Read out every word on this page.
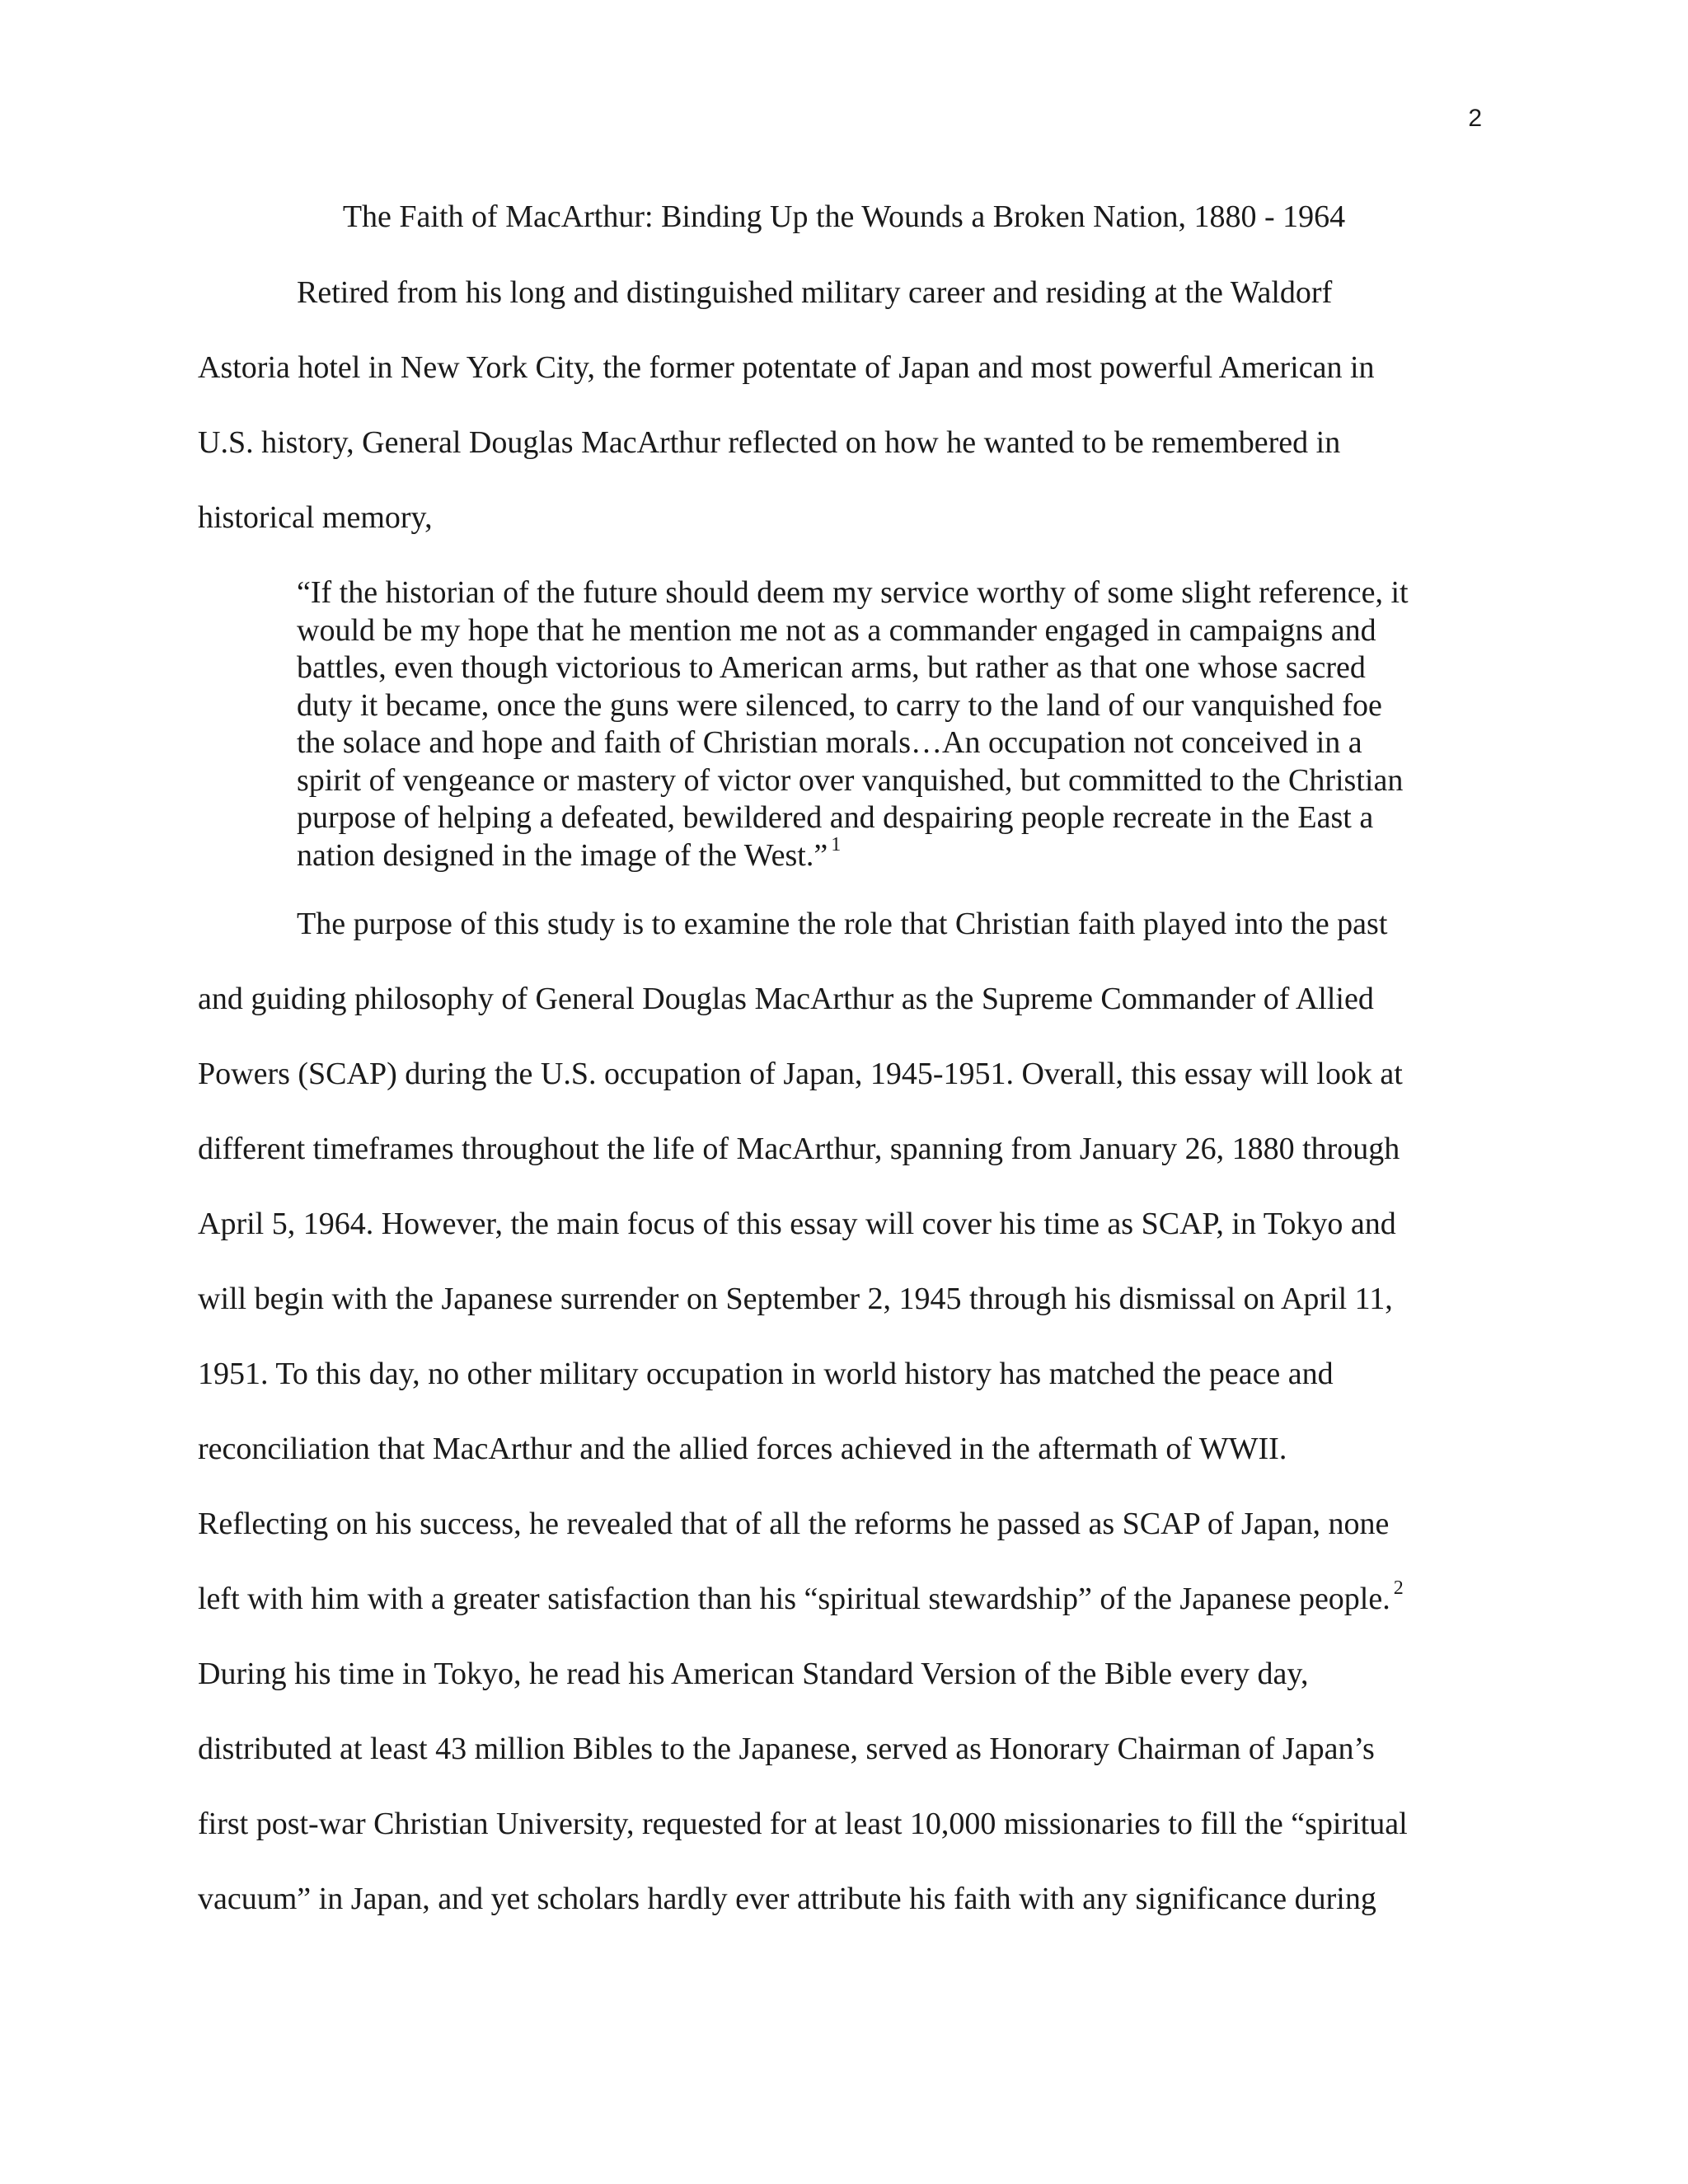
2
The Faith of MacArthur: Binding Up the Wounds a Broken Nation, 1880 - 1964
Retired from his long and distinguished military career and residing at the Waldorf
Astoria hotel in New York City, the former potentate of Japan and most powerful American in
U.S. history, General Douglas MacArthur reflected on how he wanted to be remembered in
historical memory,
“If the historian of the future should deem my service worthy of some slight reference, it
would be my hope that he mention me not as a commander engaged in campaigns and
battles, even though victorious to American arms, but rather as that one whose sacred
duty it became, once the guns were silenced, to carry to the land of our vanquished foe
the solace and hope and faith of Christian morals…An occupation not conceived in a
spirit of vengeance or mastery of victor over vanquished, but committed to the Christian
purpose of helping a defeated, bewildered and despairing people recreate in the East a
nation designed in the image of the West.” $^1$
The purpose of this study is to examine the role that Christian faith played into the past
and guiding philosophy of General Douglas MacArthur as the Supreme Commander of Allied
Powers (SCAP) during the U.S. occupation of Japan, 1945-1951. Overall, this essay will look at
different timeframes throughout the life of MacArthur, spanning from January 26, 1880 through
April 5, 1964. However, the main focus of this essay will cover his time as SCAP, in Tokyo and
will begin with the Japanese surrender on September 2, 1945 through his dismissal on April 11,
1951. To this day, no other military occupation in world history has matched the peace and
reconciliation that MacArthur and the allied forces achieved in the aftermath of WWII.
Reflecting on his success, he revealed that of all the reforms he passed as SCAP of Japan, none
left with him with a greater satisfaction than his “spiritual stewardship” of the Japanese people. $^2$
During his time in Tokyo, he read his American Standard Version of the Bible every day,
distributed at least 43 million Bibles to the Japanese, served as Honorary Chairman of Japan’s
first post-war Christian University, requested for at least 10,000 missionaries to fill the “spiritual
vacuum” in Japan, and yet scholars hardly ever attribute his faith with any significance during
